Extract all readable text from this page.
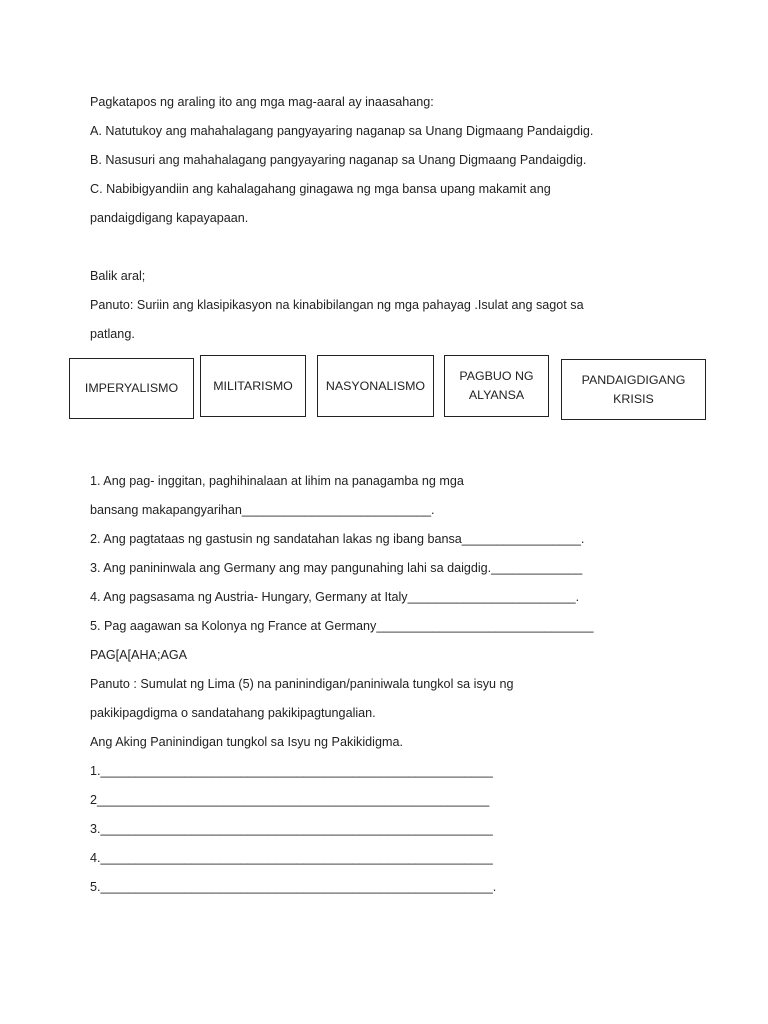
Pagkatapos ng araling ito ang mga mag-aaral ay inaasahang:
A. Natutukoy ang mahahalagang pangyayaring naganap sa Unang Digmaang Pandaigdig.
B. Nasusuri ang mahahalagang pangyayaring naganap sa Unang Digmaang Pandaigdig.
C. Nabibigyandiin ang kahalagahang ginagawa ng mga bansa upang makamit ang
pandaigdigang kapayapaan.
Balik aral;
Panuto: Suriin ang klasipikasyon na kinabibilangan ng mga pahayag .Isulat ang sagot sa
patlang.
IMPERYALISMO	MILITARISMO	NASYONALISMO
PAGBUO NG ALYANSA
PANDAIGDIGANG KRISIS
1. Ang pag- inggitan, paghihinalaan at lihim na panagamba ng mga
bansang makapangyarihan___________________________.
2. Ang pagtataas ng gastusin ng sandatahan lakas ng ibang bansa_________________.
3. Ang panininwala ang Germany ang may pangunahing lahi sa daigdig._____________
4. Ang pagsasama ng Austria- Hungary, Germany at Italy________________________.
5. Pag aagawan sa Kolonya ng France at Germany_______________________________
PAG[A[AHA;AGA
Panuto : Sumulat ng Lima (5) na paninindigan/paniniwala tungkol sa isyu ng
pakikipagdigma o sandatahang pakikipagtungalian.
Ang Aking Paninindigan tungkol sa Isyu ng Pakikidigma.
1.________________________________________________________
2________________________________________________________
3.________________________________________________________
4.________________________________________________________
5.________________________________________________________.
